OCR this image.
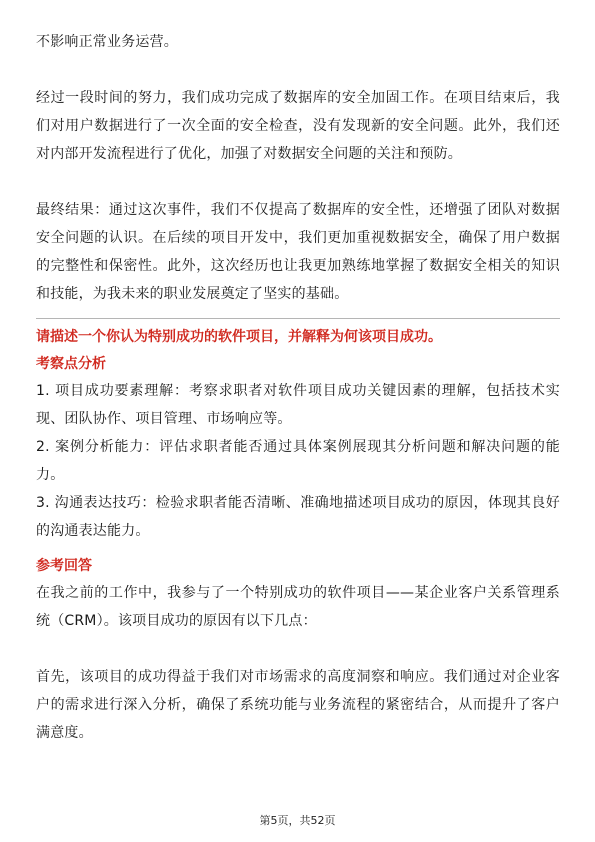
不影响正常业务运营。

经过一段时间的努力，我们成功完成了数据库的安全加固工作。在项目结束后，我们对用户数据进行了一次全面的安全检查，没有发现新的安全问题。此外，我们还对内部开发流程进行了优化，加强了对数据安全问题的关注和预防。

最终结果：通过这次事件，我们不仅提高了数据库的安全性，还增强了团队对数据安全问题的认识。在后续的项目开发中，我们更加重视数据安全，确保了用户数据的完整性和保密性。此外，这次经历也让我更加熟练地掌握了数据安全相关的知识和技能，为我未来的职业发展奠定了坚实的基础。

请描述一个你认为特别成功的软件项目，并解释为何该项目成功。
考察点分析

1. 项目成功要素理解：考察求职者对软件项目成功关键因素的理解，包括技术实现、团队协作、项目管理、市场响应等。

2. 案例分析能力：评估求职者能否通过具体案例展现其分析问题和解决问题的能力。

3. 沟通表达技巧：检验求职者能否清晰、准确地描述项目成功的原因，体现其良好的沟通表达能力。

参考回答

在我之前的工作中，我参与了一个特别成功的软件项目——某企业客户关系管理系统（CRM）。该项目成功的原因有以下几点：

首先，该项目的成功得益于我们对市场需求的高度洞察和响应。我们通过对企业客户的需求进行深入分析，确保了系统功能与业务流程的紧密结合，从而提升了客户满意度。

第5页，共52页
